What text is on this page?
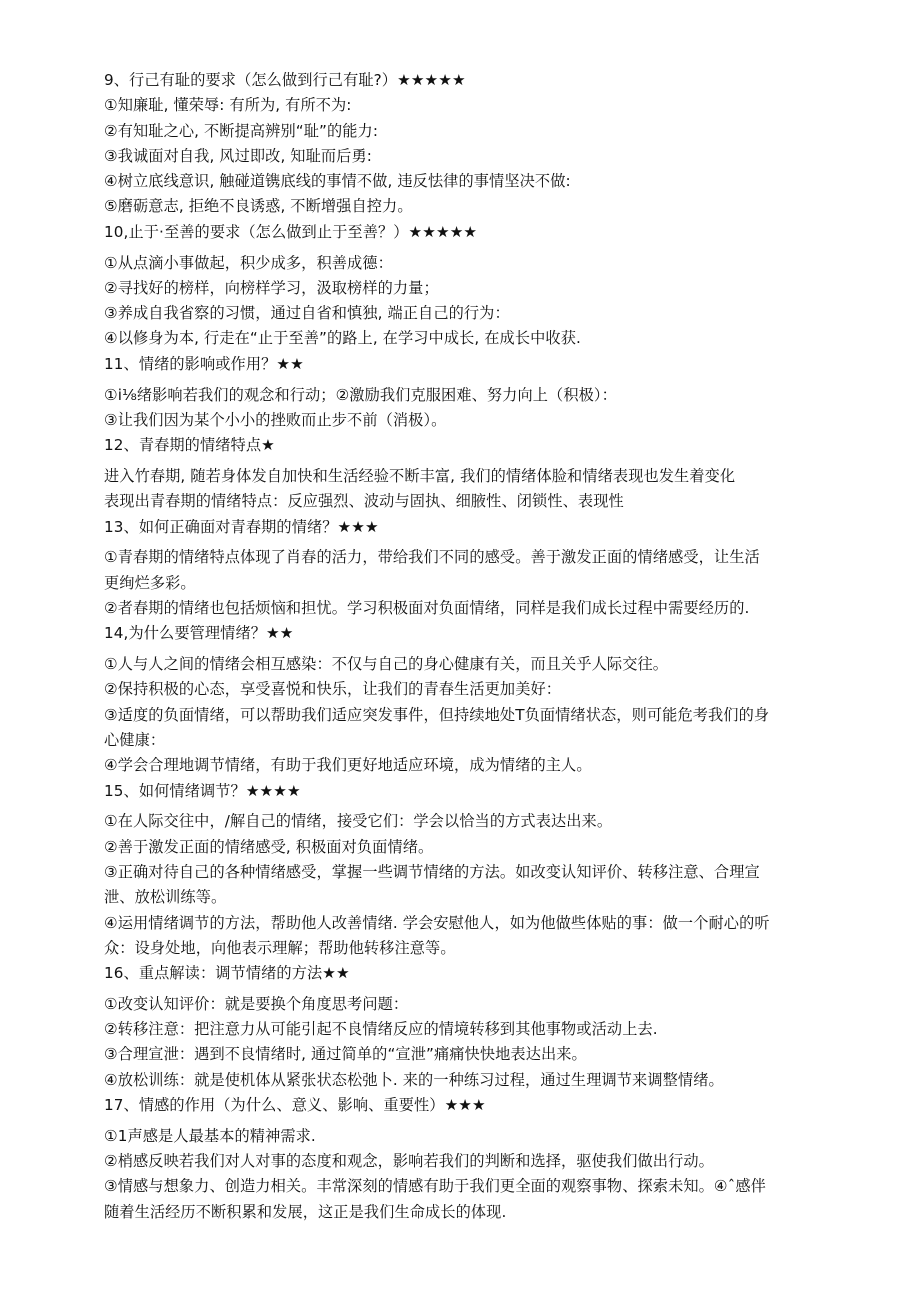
9、行己有耻的要求（怎么做到行己有耻?）★★★★★
①知廉耻, 懂荣辱: 有所为, 有所不为:
②有知耻之心, 不断提高辨别“耻”的能力:
③我诚面对自我, 风过即改, 知耻而后勇:
④树立底线意识, 触碰道镌底线的事情不做, 违反怯律的事情坚决不做:
⑤磨砺意志, 拒绝不良诱惑, 不断增强自控力。
10,止于·至善的要求（怎么做到止于至善？）★★★★★
①从点滴小事做起，积少成多，积善成德：
②寻找好的榜样，向榜样学习，汲取榜样的力量；
③养成自我省察的习惯，通过自省和慎独, 端正自己的行为：
④以修身为本, 行走在“止于至善”的路上, 在学习中成长, 在成长中收获.
11、情绪的影响或作用？★★
①i⅛绪影响若我们的观念和行动；②激励我们克服困难、努力向上（积极）：
③让我们因为某个小小的挫败而止步不前（消极）。
12、青春期的情绪特点★
进入竹春期, 随若身体发自加快和生活经验不断丰富, 我们的情绪体脸和情绪表现也发生着变化
表现出青春期的情绪特点：反应强烈、波动与固执、细腋性、闭锁性、表现性
13、如何正确面对青春期的情绪？★★★
①青春期的情绪特点体现了肖春的活力，带给我们不同的感受。善于激发正面的情绪感受，让生活
更绚烂多彩。
②者春期的情绪也包括烦恼和担忧。学习积极面对负面情绪，同样是我们成长过程中需要经历的.
14,为什么要管理情绪？★★
①人与人之间的情绪会相互感染：不仅与自己的身心健康有关，而且关乎人际交往。
②保持积极的心态，享受喜悦和快乐，让我们的青春生活更加美好：
③适度的负面情绪，可以帮助我们适应突发事件，但持续地处T负面情绪状态，则可能危考我们的身
心健康：
④学会合理地调节情绪，有助于我们更好地适应环境，成为情绪的主人。
15、如何情绪调节？★★★★
①在人际交往中，/解自己的情绪，接受它们：学会以恰当的方式表达出来。
②善于激发正面的情绪感受, 积极面对负面情绪。
③正确对待自己的各种情绪感受，掌握一些调节情绪的方法。如改变认知评价、转移注意、合理宣
泄、放松训练等。
④运用情绪调节的方法，帮助他人改善情绪. 学会安慰他人，如为他做些体贴的事：做一个耐心的听
众：设身处地，向他表示理解；帮助他转移注意等。
16、重点解读：调节情绪的方法★★
①改变认知评价：就是要换个角度思考问题：
②转移注意：把注意力从可能引起不良情绪反应的情境转移到其他事物或活动上去.
③合理宣泄：遇到不良情绪时, 通过简单的“宣泄”痛痛快快地表达出来。
④放松训练：就是使机体从紧张状态松弛卜. 来的一种练习过程，通过生理调节来调整情绪。
17、情感的作用（为什么、意义、影响、重要性）★★★
①1声感是人最基本的精神需求.
②梢感反映若我们对人对事的态度和观念，影响若我们的判断和选择，驱使我们做出行动。
③情感与想象力、创造力相关。丰常深刻的情感有助于我们更全面的观察事物、探索未知。④ˆ感伴
随着生活经历不断积累和发展，这正是我们生命成长的体现.
